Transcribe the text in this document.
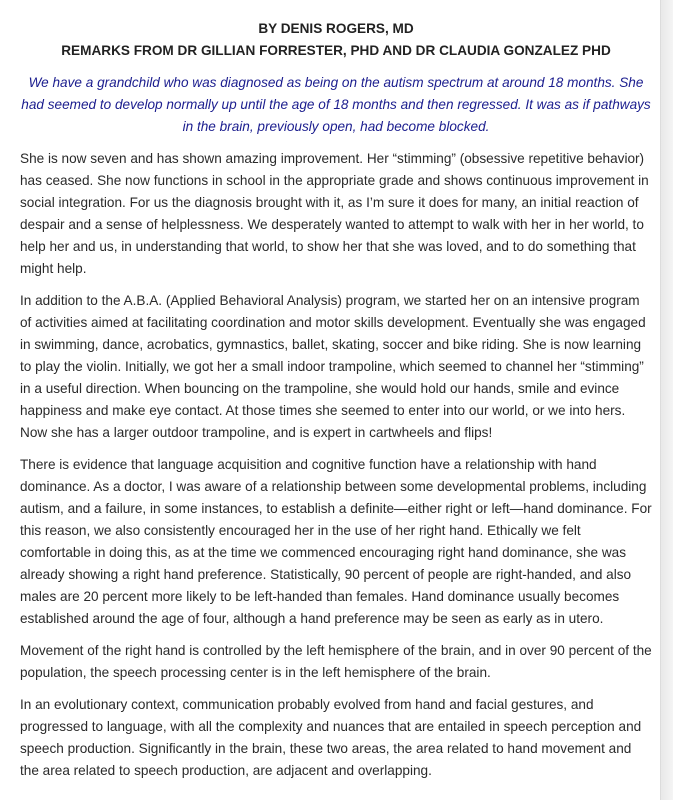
BY DENIS ROGERS, MD

REMARKS FROM DR GILLIAN FORRESTER, PHD AND DR CLAUDIA GONZALEZ PHD

We have a grandchild who was diagnosed as being on the autism spectrum at around 18 months. She had seemed to develop normally up until the age of 18 months and then regressed. It was as if pathways in the brain, previously open, had become blocked.

She is now seven and has shown amazing improvement. Her “stimming” (obsessive repetitive behavior) has ceased. She now functions in school in the appropriate grade and shows continuous improvement in social integration. For us the diagnosis brought with it, as I’m sure it does for many, an initial reaction of despair and a sense of helplessness. We desperately wanted to attempt to walk with her in her world, to help her and us, in understanding that world, to show her that she was loved, and to do something that might help.

In addition to the A.B.A. (Applied Behavioral Analysis) program, we started her on an intensive program of activities aimed at facilitating coordination and motor skills development. Eventually she was engaged in swimming, dance, acrobatics, gymnastics, ballet, skating, soccer and bike riding. She is now learning to play the violin. Initially, we got her a small indoor trampoline, which seemed to channel her “stimming” in a useful direction. When bouncing on the trampoline, she would hold our hands, smile and evince happiness and make eye contact. At those times she seemed to enter into our world, or we into hers. Now she has a larger outdoor trampoline, and is expert in cartwheels and flips!

There is evidence that language acquisition and cognitive function have a relationship with hand dominance. As a doctor, I was aware of a relationship between some developmental problems, including autism, and a failure, in some instances, to establish a definite—either right or left—hand dominance. For this reason, we also consistently encouraged her in the use of her right hand. Ethically we felt comfortable in doing this, as at the time we commenced encouraging right hand dominance, she was already showing a right hand preference. Statistically, 90 percent of people are right-handed, and also males are 20 percent more likely to be left-handed than females. Hand dominance usually becomes established around the age of four, although a hand preference may be seen as early as in utero.

Movement of the right hand is controlled by the left hemisphere of the brain, and in over 90 percent of the population, the speech processing center is in the left hemisphere of the brain.

In an evolutionary context, communication probably evolved from hand and facial gestures, and progressed to language, with all the complexity and nuances that are entailed in speech perception and speech production. Significantly in the brain, these two areas, the area related to hand movement and the area related to speech production, are adjacent and overlapping.
